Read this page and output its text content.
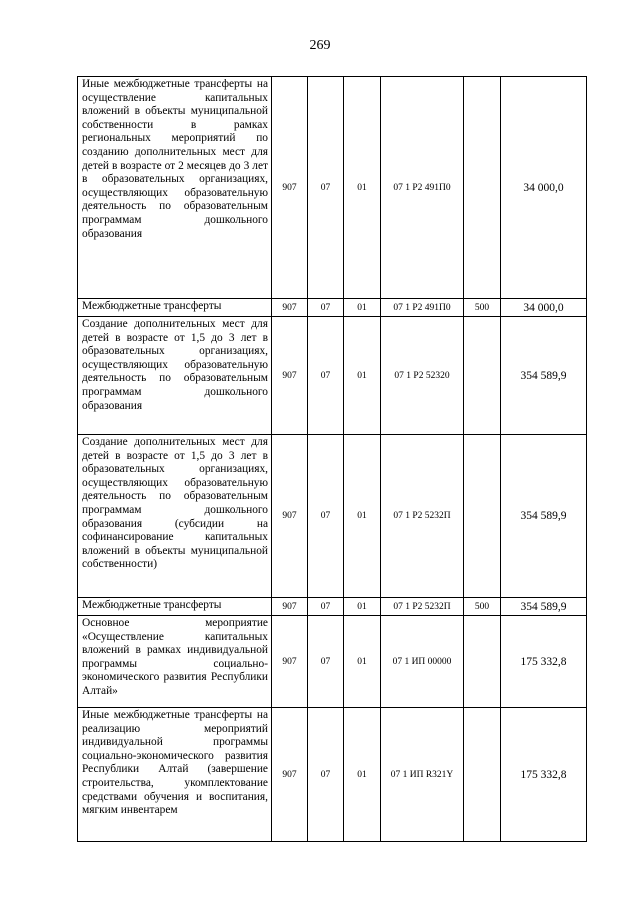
269
Иные межбюджетные трансферты на осуществление капитальных вложений в объекты муниципальной собственности в рамках региональных мероприятий по созданию дополнительных мест для детей в возрасте от 2 месяцев до 3 лет в образовательных организациях, осуществляющих образовательную деятельность по образовательным программам дошкольного образования	907	07	01	07 1 Р2 491П0		34 000,0
Межбюджетные трансферты	907	07	01	07 1 Р2 491П0	500	34 000,0
Создание дополнительных мест для детей в возрасте от 1,5 до 3 лет в образовательных организациях, осуществляющих образовательную деятельность по образовательным программам дошкольного образования	907	07	01	07 1 Р2 52320		354 589,9
Создание дополнительных мест для детей в возрасте от 1,5 до 3 лет в образовательных организациях, осуществляющих образовательную деятельность по образовательным программам дошкольного образования (субсидии на софинансирование капитальных вложений в объекты муниципальной собственности)	907	07	01	07 1 Р2 5232П		354 589,9
Межбюджетные трансферты	907	07	01	07 1 Р2 5232П	500	354 589,9
Основное мероприятие «Осуществление капитальных вложений в рамках индивидуальной программы социально-экономического развития Республики Алтай»	907	07	01	07 1 ИП 00000		175 332,8
Иные межбюджетные трансферты на реализацию мероприятий индивидуальной программы социально-экономического развития Республики Алтай (завершение строительства, укомплектование средствами обучения и воспитания, мягким инвентарем	907	07	01	07 1 ИП R321Y		175 332,8
